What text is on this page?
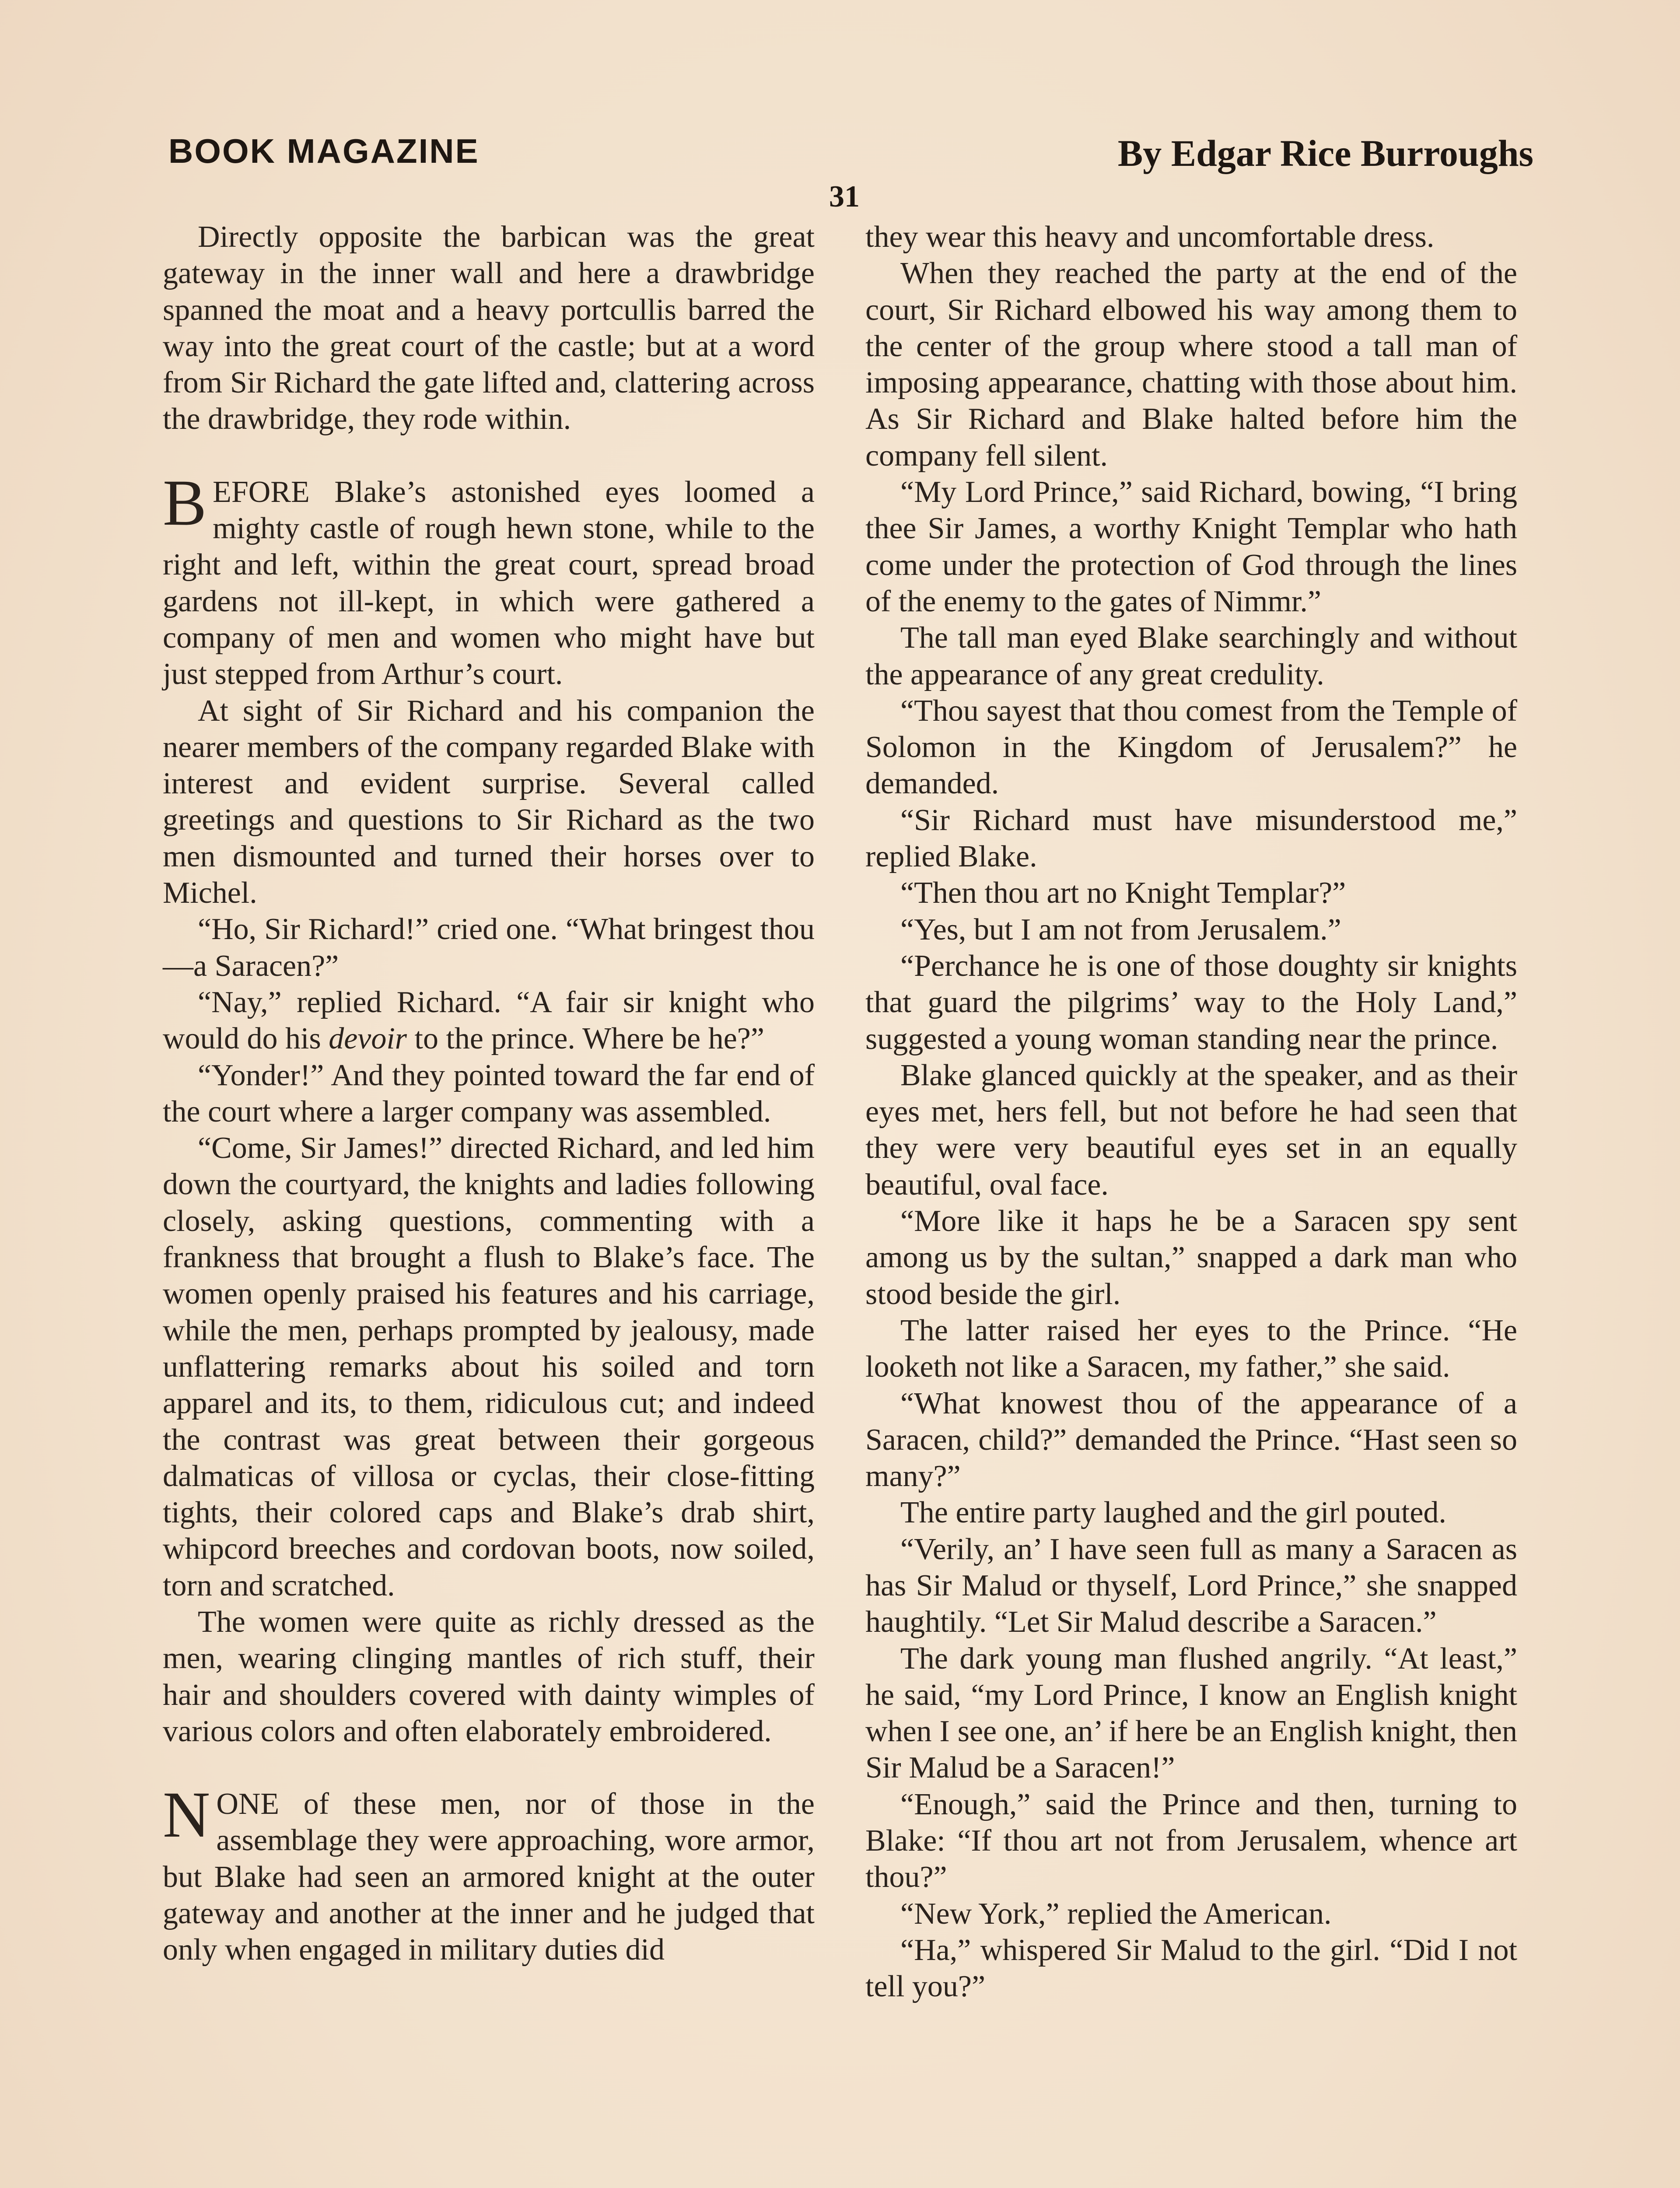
BOOK MAGAZINE	By Edgar Rice Burroughs
31

Directly opposite the barbican was the great gateway in the inner wall and here a drawbridge spanned the moat and a heavy portcullis barred the way into the great court of the castle; but at a word from Sir Richard the gate lifted and, clattering across the drawbridge, they rode within.

BEFORE Blake’s astonished eyes loomed a mighty castle of rough hewn stone, while to the right and left, within the great court, spread broad gardens not ill-kept, in which were gathered a company of men and women who might have but just stepped from Arthur’s court.

At sight of Sir Richard and his companion the nearer members of the company regarded Blake with interest and evident surprise. Several called greetings and questions to Sir Richard as the two men dismounted and turned their horses over to Michel.

“Ho, Sir Richard!” cried one. “What bringest thou—a Saracen?”

“Nay,” replied Richard. “A fair sir knight who would do his devoir to the prince. Where be he?”

“Yonder!” And they pointed toward the far end of the court where a larger company was assembled.

“Come, Sir James!” directed Richard, and led him down the courtyard, the knights and ladies following closely, asking questions, commenting with a frankness that brought a flush to Blake’s face. The women openly praised his features and his carriage, while the men, perhaps prompted by jealousy, made unflattering remarks about his soiled and torn apparel and its, to them, ridiculous cut; and indeed the contrast was great between their gorgeous dalmaticas of villosa or cyclas, their close-fitting tights, their colored caps and Blake’s drab shirt, whipcord breeches and cordovan boots, now soiled, torn and scratched.

The women were quite as richly dressed as the men, wearing clinging mantles of rich stuff, their hair and shoulders covered with dainty wimples of various colors and often elaborately embroidered.

NONE of these men, nor of those in the assemblage they were approaching, wore armor, but Blake had seen an armored knight at the outer gateway and another at the inner and he judged that only when engaged in military duties did

they wear this heavy and uncomfortable dress.

When they reached the party at the end of the court, Sir Richard elbowed his way among them to the center of the group where stood a tall man of imposing appearance, chatting with those about him. As Sir Richard and Blake halted before him the company fell silent.

“My Lord Prince,” said Richard, bowing, “I bring thee Sir James, a worthy Knight Templar who hath come under the protection of God through the lines of the enemy to the gates of Nimmr.”

The tall man eyed Blake searchingly and without the appearance of any great credulity.

“Thou sayest that thou comest from the Temple of Solomon in the Kingdom of Jerusalem?” he demanded.

“Sir Richard must have misunderstood me,” replied Blake.

“Then thou art no Knight Templar?”

“Yes, but I am not from Jerusalem.”

“Perchance he is one of those doughty sir knights that guard the pilgrims’ way to the Holy Land,” suggested a young woman standing near the prince.

Blake glanced quickly at the speaker, and as their eyes met, hers fell, but not before he had seen that they were very beautiful eyes set in an equally beautiful, oval face.

“More like it haps he be a Saracen spy sent among us by the sultan,” snapped a dark man who stood beside the girl.

The latter raised her eyes to the Prince. “He looketh not like a Saracen, my father,” she said.

“What knowest thou of the appearance of a Saracen, child?” demanded the Prince. “Hast seen so many?”

The entire party laughed and the girl pouted.

“Verily, an’ I have seen full as many a Saracen as has Sir Malud or thyself, Lord Prince,” she snapped haughtily. “Let Sir Malud describe a Saracen.”

The dark young man flushed angrily. “At least,” he said, “my Lord Prince, I know an English knight when I see one, an’ if here be an English knight, then Sir Malud be a Saracen!”

“Enough,” said the Prince and then, turning to Blake: “If thou art not from Jerusalem, whence art thou?”

“New York,” replied the American.

“Ha,” whispered Sir Malud to the girl. “Did I not tell you?”
